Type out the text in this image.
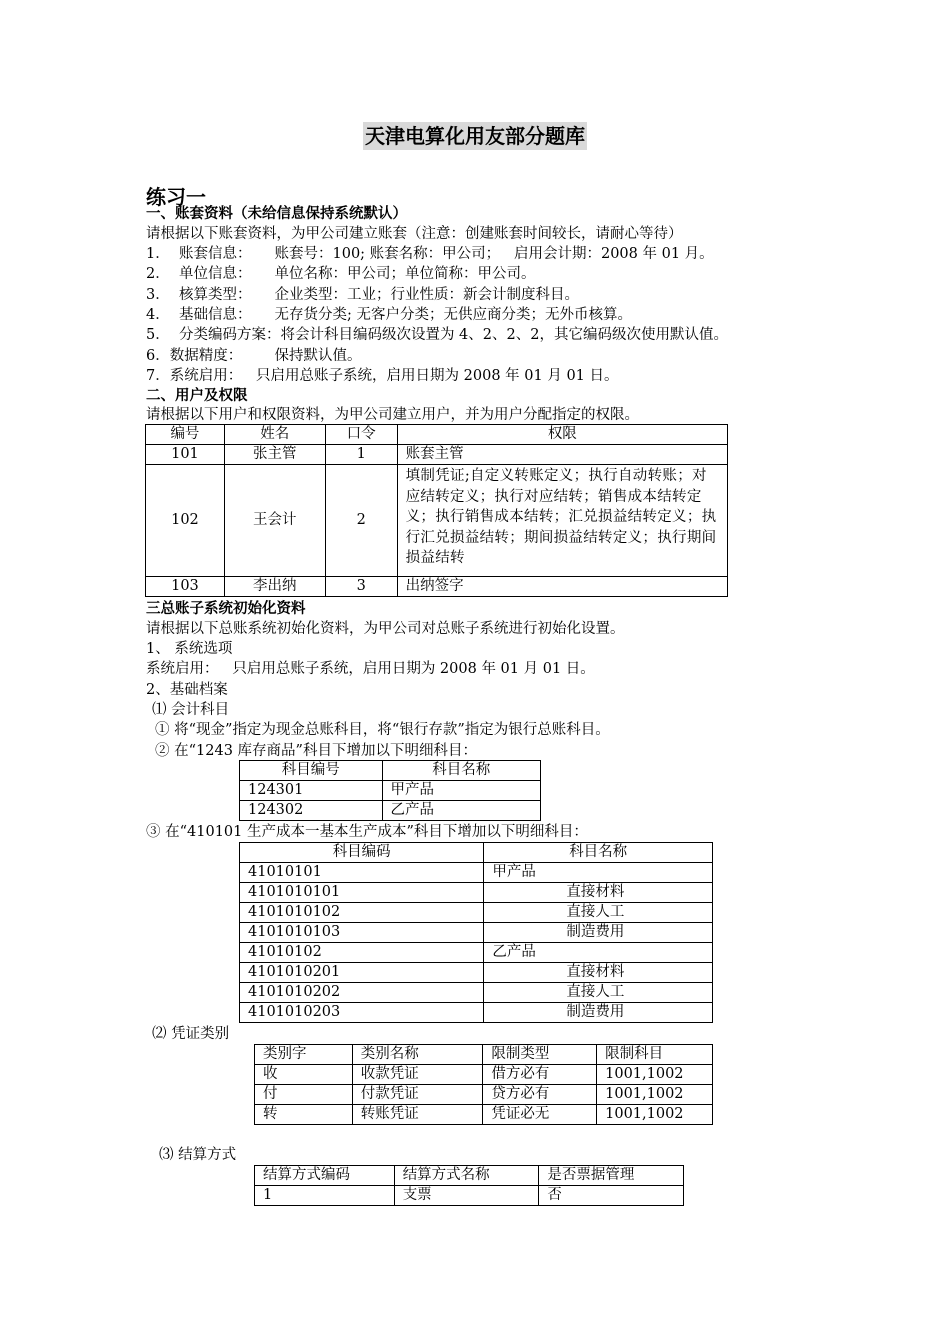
天津电算化用友部分题库
练习一
一、账套资料（未给信息保持系统默认）
请根据以下账套资料，为甲公司建立账套（注意：创建账套时间较长，请耐心等待）
1．  账套信息：     账套号：100; 账套名称：甲公司；   启用会计期：2008 年 01 月。
2．  单位信息：     单位名称：甲公司；单位简称：甲公司。
3．  核算类型：     企业类型：工业；行业性质：新会计制度科目。
4．  基础信息：     无存货分类; 无客户分类；无供应商分类；无外币核算。
5．  分类编码方案：将会计科目编码级次设置为 4、2、2、2，其它编码级次使用默认值。
6．数据精度：       保持默认值。
7．系统启用：   只启用总账子系统，启用日期为 2008 年 01 月 01 日。
二、用户及权限
请根据以下用户和权限资料，为甲公司建立用户，并为用户分配指定的权限。
编号	姓名	口令	权限
101	张主管	1	账套主管
102	王会计	2	填制凭证;自定义转账定义；执行自动转账；对应结转定义；执行对应结转；销售成本结转定义；执行销售成本结转；汇兑损益结转定义；执行汇兑损益结转；期间损益结转定义；执行期间损益结转
103	李出纳	3	出纳签字
三总账子系统初始化资料
请根据以下总账系统初始化资料，为甲公司对总账子系统进行初始化设置。
1、 系统选项
系统启用：   只启用总账子系统，启用日期为 2008 年 01 月 01 日。
2、基础档案
⑴ 会计科目
① 将“现金”指定为现金总账科目，将“银行存款”指定为银行总账科目。
② 在“1243 库存商品”科目下增加以下明细科目：
科目编号	科目名称
124301	甲产品
124302	乙产品
③ 在“410101 生产成本一基本生产成本”科目下增加以下明细科目：
科目编码	科目名称
41010101	甲产品
4101010101	直接材料
4101010102	直接人工
4101010103	制造费用
41010102	乙产品
4101010201	直接材料
4101010202	直接人工
4101010203	制造费用
⑵ 凭证类别
类别字	类别名称	限制类型	限制科目
收	收款凭证	借方必有	1001,1002
付	付款凭证	贷方必有	1001,1002
转	转账凭证	凭证必无	1001,1002
⑶ 结算方式
结算方式编码	结算方式名称	是否票据管理
1	支票	否
